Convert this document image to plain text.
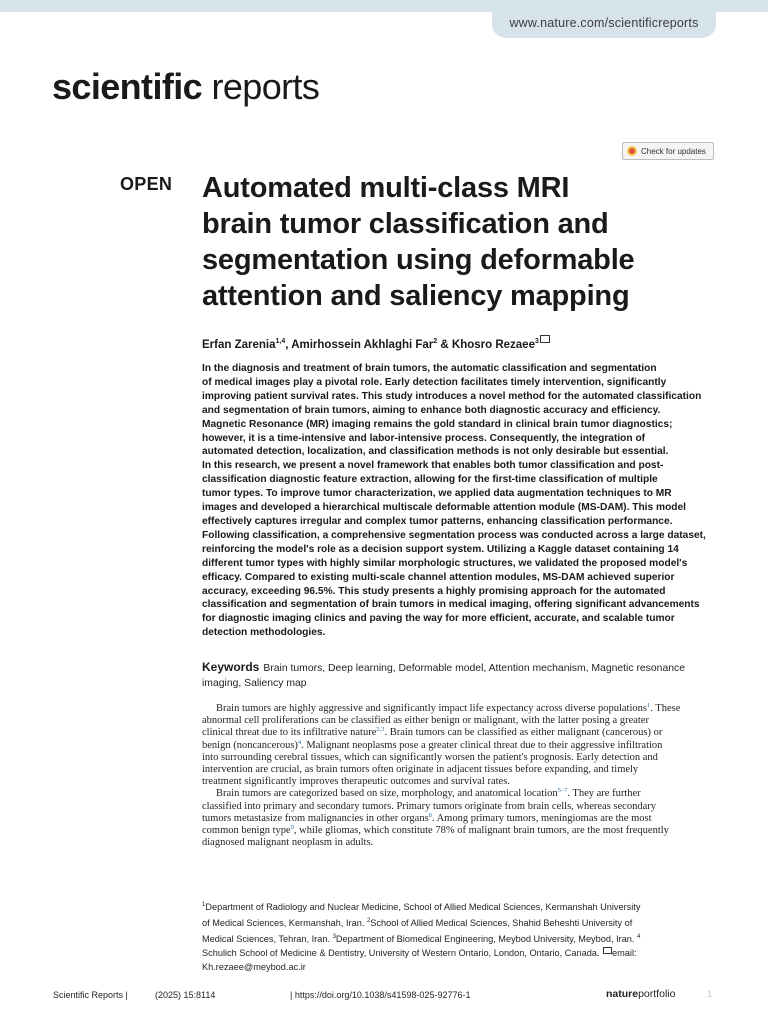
www.nature.com/scientificreports
scientific reports
Check for updates
OPEN Automated multi-class MRI
brain tumor classification and
segmentation using deformable
attention and saliency mapping
Erfan Zarenia$^{1,4}$, Amirhossein Akhlaghi Far$^2$ & Khosro Rezaee$^3$
In the diagnosis and treatment of brain tumors, the automatic classification and segmentation
of medical images play a pivotal role. Early detection facilitates timely intervention, significantly
improving patient survival rates. This study introduces a novel method for the automated classification
and segmentation of brain tumors, aiming to enhance both diagnostic accuracy and efficiency.
Magnetic Resonance (MR) imaging remains the gold standard in clinical brain tumor diagnostics;
however, it is a time-intensive and labor-intensive process. Consequently, the integration of
automated detection, localization, and classification methods is not only desirable but essential.
In this research, we present a novel framework that enables both tumor classification and post-
classification diagnostic feature extraction, allowing for the first-time classification of multiple
tumor types. To improve tumor characterization, we applied data augmentation techniques to MR
images and developed a hierarchical multiscale deformable attention module (MS-DAM). This model
effectively captures irregular and complex tumor patterns, enhancing classification performance.
Following classification, a comprehensive segmentation process was conducted across a large dataset,
reinforcing the model's role as a decision support system. Utilizing a Kaggle dataset containing 14
different tumor types with highly similar morphologic structures, we validated the proposed model's
efficacy. Compared to existing multi-scale channel attention modules, MS-DAM achieved superior
accuracy, exceeding 96.5%. This study presents a highly promising approach for the automated
classification and segmentation of brain tumors in medical imaging, offering significant advancements
for diagnostic imaging clinics and paving the way for more efficient, accurate, and scalable tumor
detection methodologies.
Keywords Brain tumors, Deep learning, Deformable model, Attention mechanism, Magnetic resonance
imaging, Saliency map
Brain tumors are highly aggressive and significantly impact life expectancy across diverse populations$^1$. These
abnormal cell proliferations can be classified as either benign or malignant, with the latter posing a greater
clinical threat due to its infiltrative nature$^{2,3}$. Brain tumors can be classified as either malignant (cancerous) or
benign (noncancerous)$^4$. Malignant neoplasms pose a greater clinical threat due to their aggressive infiltration
into surrounding cerebral tissues, which can significantly worsen the patient's prognosis. Early detection and
intervention are crucial, as brain tumors often originate in adjacent tissues before expanding, and timely
treatment significantly improves therapeutic outcomes and survival rates.
Brain tumors are categorized based on size, morphology, and anatomical location$^{5-7}$. They are further
classified into primary and secondary tumors. Primary tumors originate from brain cells, whereas secondary
tumors metastasize from malignancies in other organs$^8$. Among primary tumors, meningiomas are the most
common benign type$^9$, while gliomas, which constitute 78% of malignant brain tumors, are the most frequently
diagnosed malignant neoplasm in adults.
$^1$Department of Radiology and Nuclear Medicine, School of Allied Medical Sciences, Kermanshah University
of Medical Sciences, Kermanshah, Iran. $^2$School of Allied Medical Sciences, Shahid Beheshti University of
Medical Sciences, Tehran, Iran. $^3$Department of Biomedical Engineering, Meybod University, Meybod, Iran. $^4$
Schulich School of Medicine & Dentistry, University of Western Ontario, London, Ontario, Canada. email:
Kh.rezaee@meybod.ac.ir
Scientific Reports |	(2025) 15:8114	| https://doi.org/10.1038/s41598-025-92776-1	natureportfolio	1
